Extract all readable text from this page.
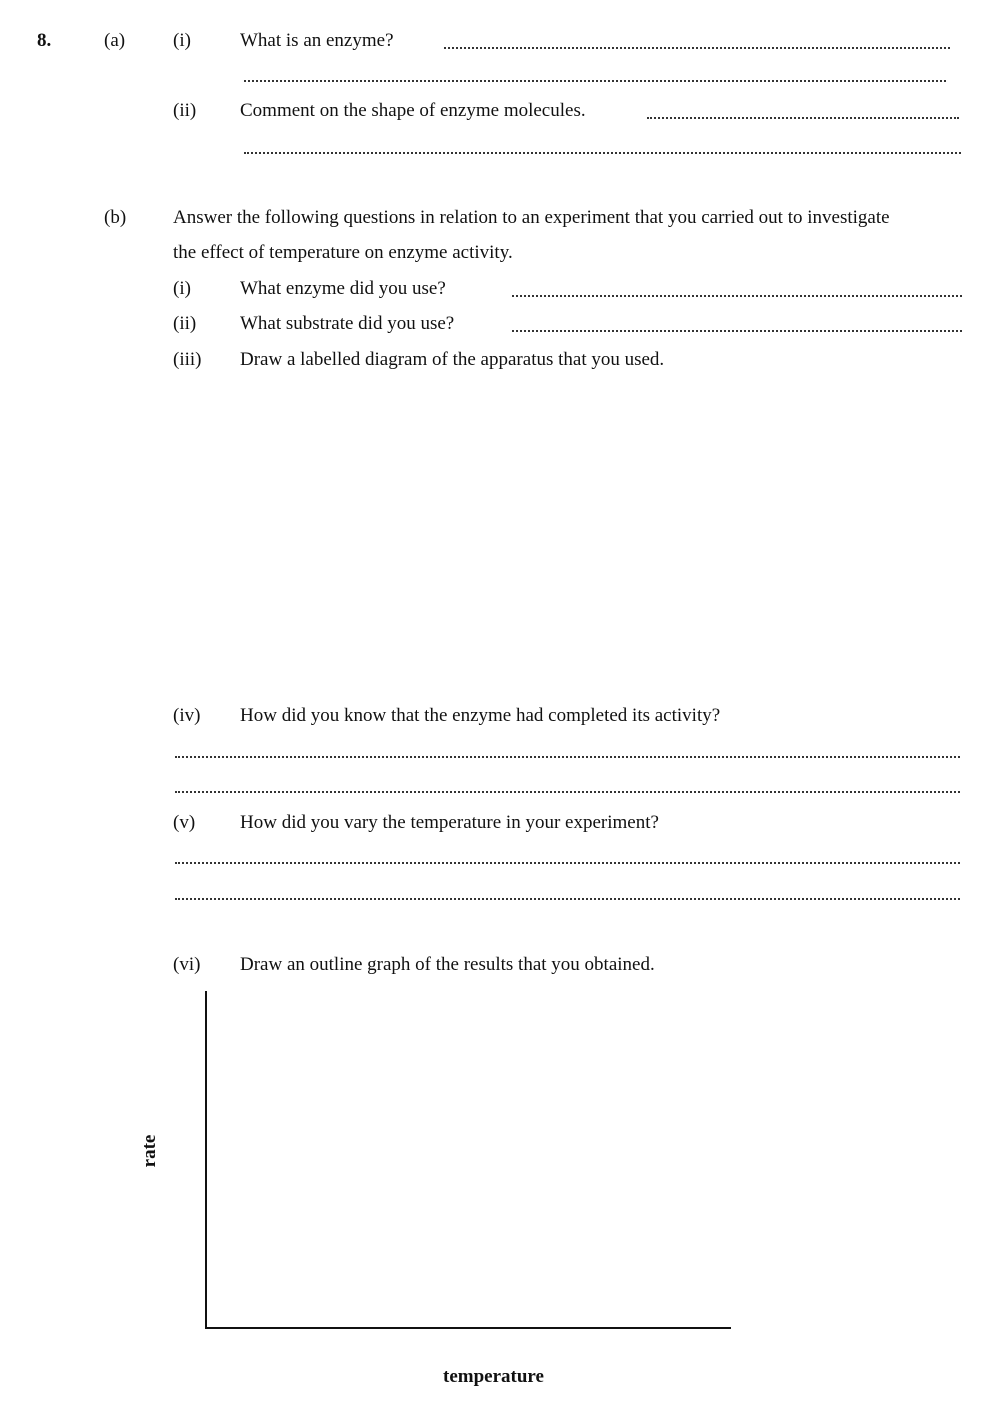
8.	(a)	(i)	What is an enzyme?
(ii) Comment on the shape of enzyme molecules.
(b) Answer the following questions in relation to an experiment that you carried out to investigate
the effect of temperature on enzyme activity.
(i)	What enzyme did you use?
(ii) What substrate did you use?
(iii) Draw a labelled diagram of the apparatus that you used.
(iv) How did you know that the enzyme had completed its activity?
(v) How did you vary the temperature in your experiment?
(vi) Draw an outline graph of the results that you obtained.
rate
temperature
